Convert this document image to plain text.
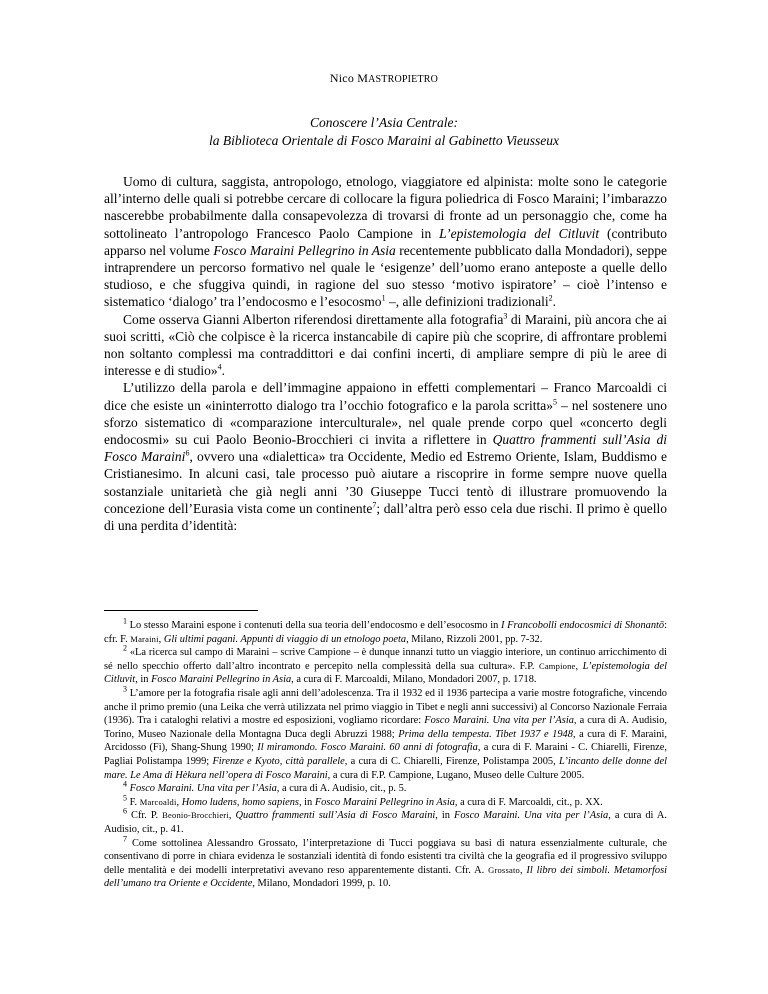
Nico MASTROPIETRO
Conoscere l’Asia Centrale:
la Biblioteca Orientale di Fosco Maraini al Gabinetto Vieusseux

Uomo di cultura, saggista, antropologo, etnologo, viaggiatore ed alpinista: molte sono le categorie all’interno delle quali si potrebbe cercare di collocare la figura poliedrica di Fosco Maraini; l’imbarazzo nascerebbe probabilmente dalla consapevolezza di trovarsi di fronte ad un personaggio che, come ha sottolineato l’antropologo Francesco Paolo Campione in L’epistemologia del Citluvit (contributo apparso nel volume Fosco Maraini Pellegrino in Asia recentemente pubblicato dalla Mondadori), seppe intraprendere un percorso formativo nel quale le ‘esigenze’ dell’uomo erano anteposte a quelle dello studioso, e che sfuggiva quindi, in ragione del suo stesso ‘motivo ispiratore’ – cioè l’intenso e sistematico ‘dialogo’ tra l’endocosmo e l’esocosmo$^1$ –, alle definizioni tradizionali$^2$.

Come osserva Gianni Alberton riferendosi direttamente alla fotografia$^3$ di Maraini, più ancora che ai suoi scritti, «Ciò che colpisce è la ricerca instancabile di capire più che scoprire, di affrontare problemi non soltanto complessi ma contraddittori e dai confini incerti, di ampliare sempre di più le aree di interesse e di studio»$^4$.

L’utilizzo della parola e dell’immagine appaiono in effetti complementari – Franco Marcoaldi ci dice che esiste un «ininterrotto dialogo tra l’occhio fotografico e la parola scritta»$^5$ – nel sostenere uno sforzo sistematico di «comparazione interculturale», nel quale prende corpo quel «concerto degli endocosmi» su cui Paolo Beonio-Brocchieri ci invita a riflettere in Quattro frammenti sull’Asia di Fosco Maraini$^6$, ovvero una «dialettica» tra Occidente, Medio ed Estremo Oriente, Islam, Buddismo e Cristianesimo. In alcuni casi, tale processo può aiutare a riscoprire in forme sempre nuove quella sostanziale unitarietà che già negli anni ’30 Giuseppe Tucci tentò di illustrare promuovendo la concezione dell’Eurasia vista come un continente$^7$; dall’altra però esso cela due rischi. Il primo è quello di una perdita d’identità:

$^1$ Lo stesso Maraini espone i contenuti della sua teoria dell’endocosmo e dell’esocosmo in I Francobolli endocosmici di Shonantō: cfr. F. Maraini, Gli ultimi pagani. Appunti di viaggio di un etnologo poeta, Milano, Rizzoli 2001, pp. 7-32.

$^2$ «La ricerca sul campo di Maraini – scrive Campione – è dunque innanzi tutto un viaggio interiore, un continuo arricchimento di sé nello specchio offerto dall’altro incontrato e percepito nella complessità della sua cultura». F.P. Campione, L’epistemologia del Citluvit, in Fosco Maraini Pellegrino in Asia, a cura di F. Marcoaldi, Milano, Mondadori 2007, p. 1718.

$^3$ L’amore per la fotografia risale agli anni dell’adolescenza. Tra il 1932 ed il 1936 partecipa a varie mostre fotografiche, vincendo anche il primo premio (una Leika che verrà utilizzata nel primo viaggio in Tibet e negli anni successivi) al Concorso Nazionale Ferraia (1936). Tra i cataloghi relativi a mostre ed esposizioni, vogliamo ricordare: Fosco Maraini. Una vita per l’Asia, a cura di A. Audisio, Torino, Museo Nazionale della Montagna Duca degli Abruzzi 1988; Prima della tempesta. Tibet 1937 e 1948, a cura di F. Maraini, Arcidosso (Fi), Shang-Shung 1990; Il miramondo. Fosco Maraini. 60 anni di fotografia, a cura di F. Maraini - C. Chiarelli, Firenze, Pagliai Polistampa 1999; Firenze e Kyoto, città parallele, a cura di C. Chiarelli, Firenze, Polistampa 2005, L’incanto delle donne del mare. Le Ama di Hèkura nell’opera di Fosco Maraini, a cura di F.P. Campione, Lugano, Museo delle Culture 2005.

$^4$ Fosco Maraini. Una vita per l’Asia, a cura di A. Audisio, cit., p. 5.

$^5$ F. Marcoaldi, Homo ludens, homo sapiens, in Fosco Maraini Pellegrino in Asia, a cura di F. Marcoaldi, cit., p. XX.

$^6$ Cfr. P. Beonio-Brocchieri, Quattro frammenti sull’Asia di Fosco Maraini, in Fosco Maraini. Una vita per l’Asia, a cura di A. Audisio, cit., p. 41.

$^7$ Come sottolinea Alessandro Grossato, l’interpretazione di Tucci poggiava su basi di natura essenzialmente culturale, che consentivano di porre in chiara evidenza le sostanziali identità di fondo esistenti tra civiltà che la geografia ed il progressivo sviluppo delle mentalità e dei modelli interpretativi avevano reso apparentemente distanti. Cfr. A. Grossato, Il libro dei simboli. Metamorfosi dell’umano tra Oriente e Occidente, Milano, Mondadori 1999, p. 10.
